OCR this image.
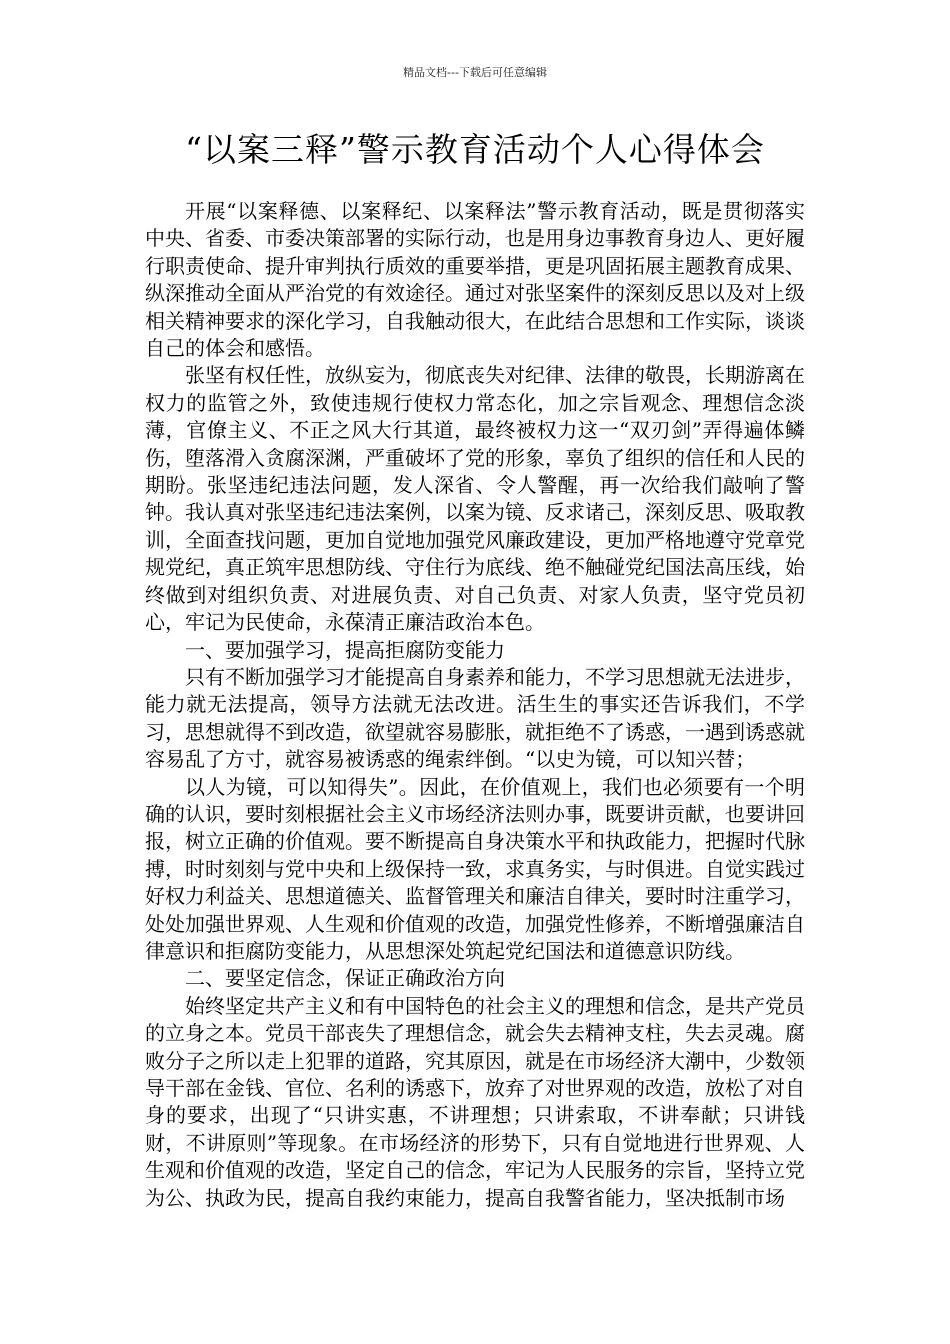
精品文档---下载后可任意编辑
“以案三释”警示教育活动个人心得体会

开展“以案释德、以案释纪、以案释法”警示教育活动，既是贯彻落实中央、省委、市委决策部署的实际行动，也是用身边事教育身边人、更好履行职责使命、提升审判执行质效的重要举措，更是巩固拓展主题教育成果、纵深推动全面从严治党的有效途径。通过对张坚案件的深刻反思以及对上级相关精神要求的深化学习，自我触动很大，在此结合思想和工作实际，谈谈自己的体会和感悟。

张坚有权任性，放纵妄为，彻底丧失对纪律、法律的敬畏，长期游离在权力的监管之外，致使违规行使权力常态化，加之宗旨观念、理想信念淡薄，官僚主义、不正之风大行其道，最终被权力这一“双刃剑”弄得遍体鳞伤，堕落滑入贪腐深渊，严重破坏了党的形象，辜负了组织的信任和人民的期盼。张坚违纪违法问题，发人深省、令人警醒，再一次给我们敲响了警钟。我认真对张坚违纪违法案例，以案为镜、反求诸己，深刻反思、吸取教训，全面查找问题，更加自觉地加强党风廉政建设，更加严格地遵守党章党规党纪，真正筑牢思想防线、守住行为底线、绝不触碰党纪国法高压线，始终做到对组织负责、对进展负责、对自己负责、对家人负责，坚守党员初心，牢记为民使命，永葆清正廉洁政治本色。

一、要加强学习，提高拒腐防变能力

只有不断加强学习才能提高自身素养和能力，不学习思想就无法进步，能力就无法提高，领导方法就无法改进。活生生的事实还告诉我们，不学习，思想就得不到改造，欲望就容易膨胀，就拒绝不了诱惑，一遇到诱惑就容易乱了方寸，就容易被诱惑的绳索绊倒。“以史为镜，可以知兴替；

以人为镜，可以知得失”。因此，在价值观上，我们也必须要有一个明确的认识，要时刻根据社会主义市场经济法则办事，既要讲贡献，也要讲回报，树立正确的价值观。要不断提高自身决策水平和执政能力，把握时代脉搏，时时刻刻与党中央和上级保持一致，求真务实，与时俱进。自觉实践过好权力利益关、思想道德关、监督管理关和廉洁自律关，要时时注重学习，处处加强世界观、人生观和价值观的改造，加强党性修养，不断增强廉洁自律意识和拒腐防变能力，从思想深处筑起党纪国法和道德意识防线。

二、要坚定信念，保证正确政治方向

始终坚定共产主义和有中国特色的社会主义的理想和信念，是共产党员的立身之本。党员干部丧失了理想信念，就会失去精神支柱，失去灵魂。腐败分子之所以走上犯罪的道路，究其原因，就是在市场经济大潮中，少数领导干部在金钱、官位、名利的诱惑下，放弃了对世界观的改造，放松了对自身的要求，出现了“只讲实惠，不讲理想；只讲索取，不讲奉献；只讲钱财，不讲原则”等现象。在市场经济的形势下，只有自觉地进行世界观、人生观和价值观的改造，坚定自己的信念，牢记为人民服务的宗旨，坚持立党为公、执政为民，提高自我约束能力，提高自我警省能力，坚决抵制市场
